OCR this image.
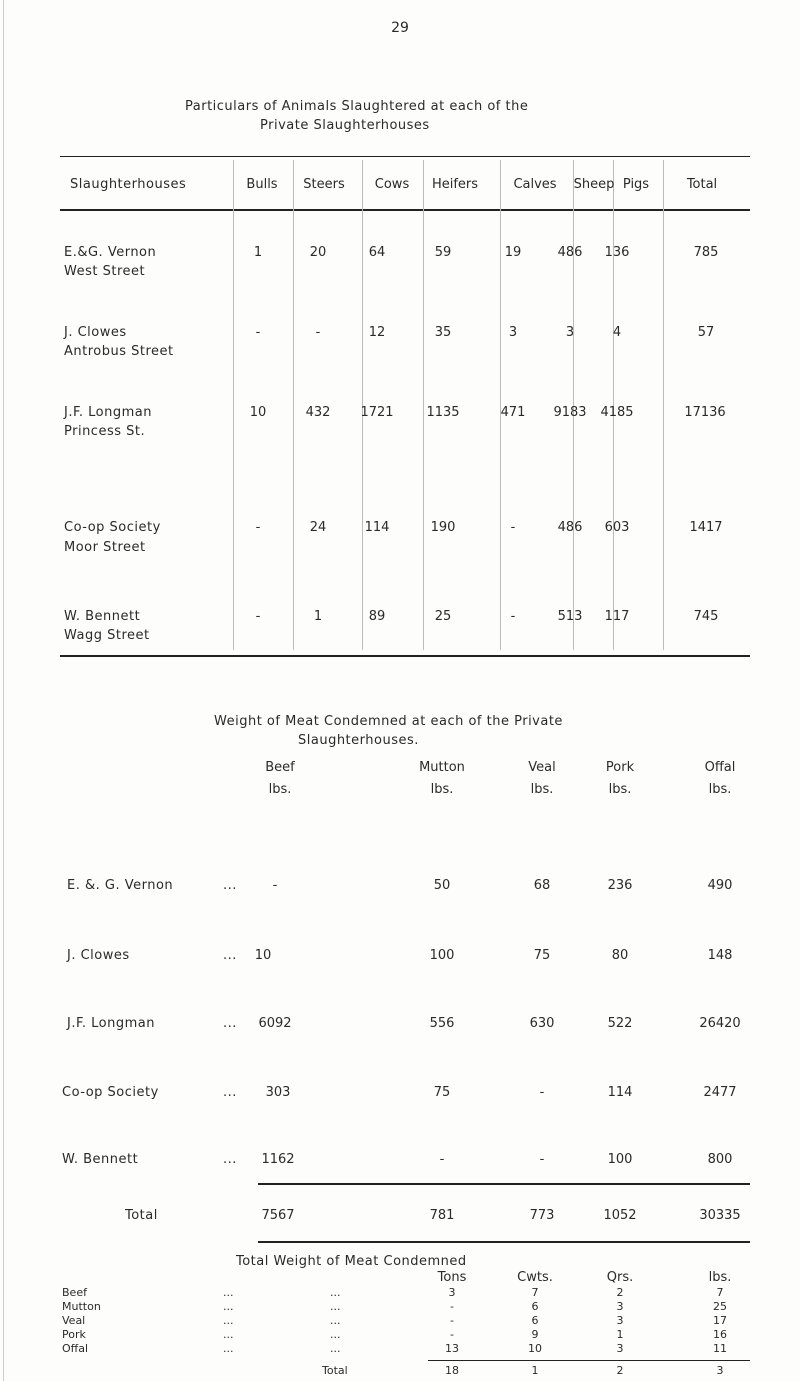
29
Particulars of Animals Slaughtered at each of the
Private Slaughterhouses
Slaughterhouses	Bulls	Steers	Cows	Heifers	Calves	Sheep Pigs	Total
E.&G. Vernon
West Street
1	20	64	59	19	486	136	785
J. Clowes
Antrobus Street
-	-	12	35	3	3	4	57
J.F. Longman
Princess St.
10	432	1721	1135	471	9183	4185	17136
Co-op Society
Moor Street
-	24	114	190	-	486	603	1417
W. Bennett
Wagg Street
-	1	89	25	-	513	117	745
Weight of Meat Condemned at each of the Private
Slaughterhouses.
Beef	Mutton	Veal	Pork	Offal
lbs.	lbs.	lbs.	lbs.	lbs.
E. &. G. Vernon	...	-	50	68	236	490
J. Clowes	...	10	100	75	80	148
J.F. Longman	...	6092	556	630	522	26420
Co-op Society	...	303	75	-	114	2477
W. Bennett	...	1162	-	-	100	800
Total	7567	781	773	1052	30335
Total Weight of Meat Condemned
Tons	Cwts.	Qrs.	lbs.
Beef	...	...	3	7	2	7
Mutton	...	...	-	6	3	25
Veal	...	...	-	6	3	17
Pork	...	...	-	9	1	16
Offal	...	...	13	10	3	11
Total	18	1	2	3
